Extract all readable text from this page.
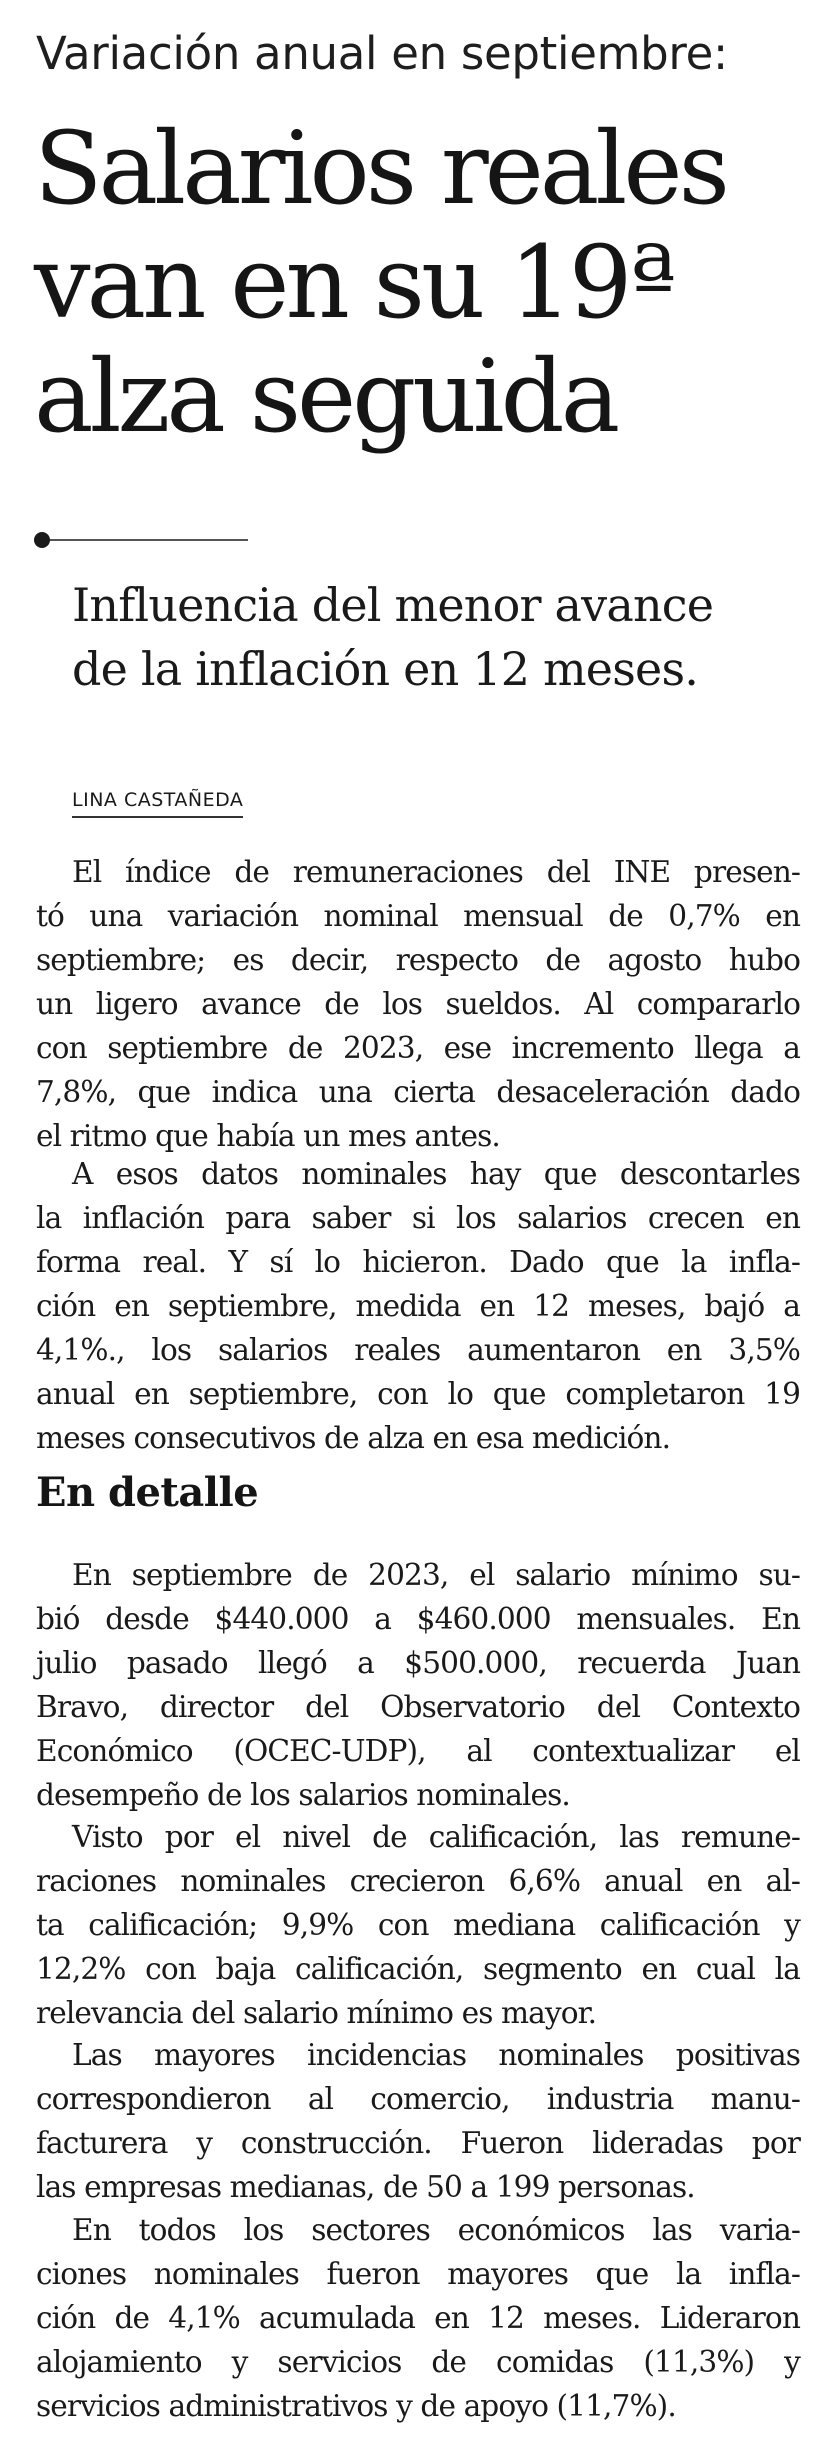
Variación anual en septiembre:
Salarios reales
van en su 19ª
alza seguida
Influencia del menor avance
de la inflación en 12 meses.
LINA CASTAÑEDA
El índice de remuneraciones del INE presen-
tó una variación nominal mensual de 0,7% en
septiembre; es decir, respecto de agosto hubo
un ligero avance de los sueldos. Al compararlo
con septiembre de 2023, ese incremento llega a
7,8%, que indica una cierta desaceleración dado
el ritmo que había un mes antes.
A esos datos nominales hay que descontarles
la inflación para saber si los salarios crecen en
forma real. Y sí lo hicieron. Dado que la infla-
ción en septiembre, medida en 12 meses, bajó a
4,1%., los salarios reales aumentaron en 3,5%
anual en septiembre, con lo que completaron 19
meses consecutivos de alza en esa medición.
En detalle
En septiembre de 2023, el salario mínimo su-
bió desde $440.000 a $460.000 mensuales. En
julio pasado llegó a $500.000, recuerda Juan
Bravo, director del Observatorio del Contexto
Económico (OCEC-UDP), al contextualizar el
desempeño de los salarios nominales.
Visto por el nivel de calificación, las remune-
raciones nominales crecieron 6,6% anual en al-
ta calificación; 9,9% con mediana calificación y
12,2% con baja calificación, segmento en cual la
relevancia del salario mínimo es mayor.
Las mayores incidencias nominales positivas
correspondieron al comercio, industria manu-
facturera y construcción. Fueron lideradas por
las empresas medianas, de 50 a 199 personas.
En todos los sectores económicos las varia-
ciones nominales fueron mayores que la infla-
ción de 4,1% acumulada en 12 meses. Lideraron
alojamiento y servicios de comidas (11,3%) y
servicios administrativos y de apoyo (11,7%).
